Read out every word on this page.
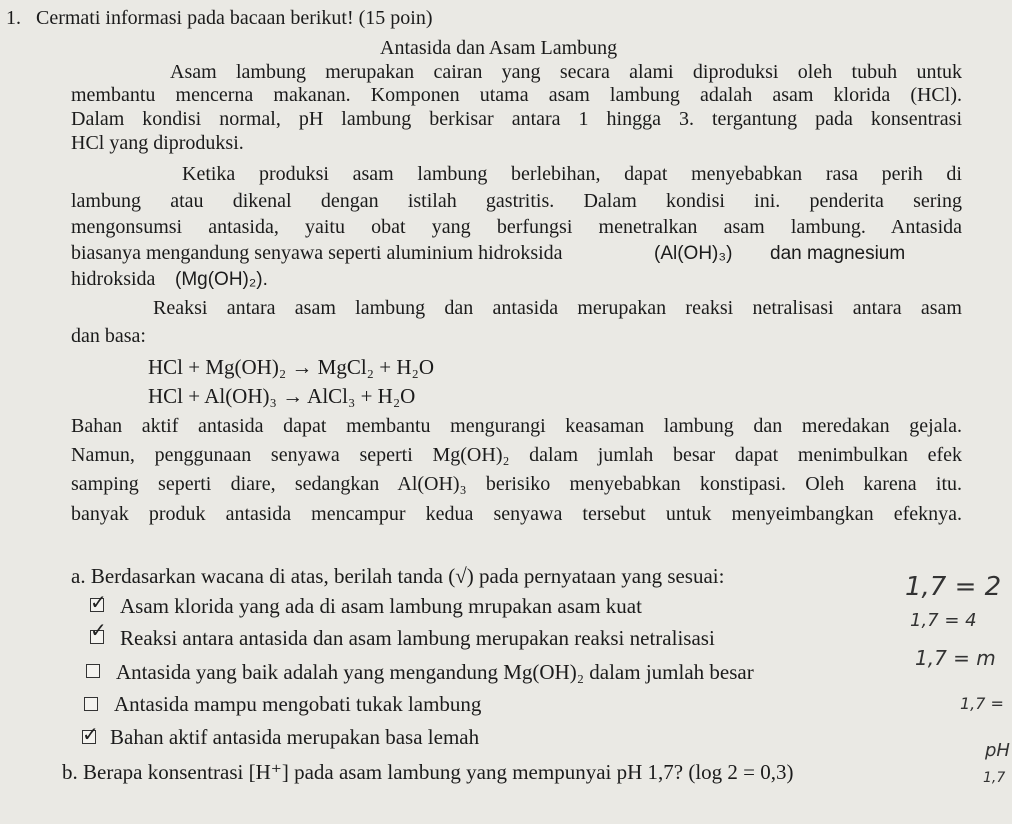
1. Cermati informasi pada bacaan berikut! (15 poin)
Antasida dan Asam Lambung
Asam lambung merupakan cairan yang secara alami diproduksi oleh tubuh untuk
membantu mencerna makanan. Komponen utama asam lambung adalah asam klorida (HCl).
Dalam kondisi normal, pH lambung berkisar antara 1 hingga 3. tergantung pada konsentrasi
HCl yang diproduksi.
Ketika produksi asam lambung berlebihan, dapat menyebabkan rasa perih di
lambung atau dikenal dengan istilah gastritis. Dalam kondisi ini. penderita sering
mengonsumsi antasida, yaitu obat yang berfungsi menetralkan asam lambung. Antasida
biasanya mengandung senyawa seperti aluminium hidroksida	(Al(OH)₃) dan magnesium
hidroksida (Mg(OH)₂).
Reaksi antara asam lambung dan antasida merupakan reaksi netralisasi antara asam
dan basa:
HCl + Mg(OH)₂ → MgCl₂ + H₂O
HCl + Al(OH)₃ → AlCl₃ + H₂O
Bahan aktif antasida dapat membantu mengurangi keasaman lambung dan meredakan gejala.
Namun, penggunaan senyawa seperti Mg(OH)₂ dalam jumlah besar dapat menimbulkan efek
samping seperti diare, sedangkan Al(OH)₃ berisiko menyebabkan konstipasi. Oleh karena itu.
banyak produk antasida mencampur kedua senyawa tersebut untuk menyeimbangkan efeknya.
a. Berdasarkan wacana di atas, berilah tanda (√) pada pernyataan yang sesuai:
✓ Asam klorida yang ada di asam lambung mrupakan asam kuat
✓ Reaksi antara antasida dan asam lambung merupakan reaksi netralisasi
Antasida yang baik adalah yang mengandung Mg(OH)₂ dalam jumlah besar
Antasida mampu mengobati tukak lambung
✓ Bahan aktif antasida merupakan basa lemah
b. Berapa konsentrasi [H⁺] pada asam lambung yang mempunyai pH 1,7? (log 2 = 0,3)
1,7 = 2
1,7 = 4
1,7 = m
1,7 =
pH
1,7
